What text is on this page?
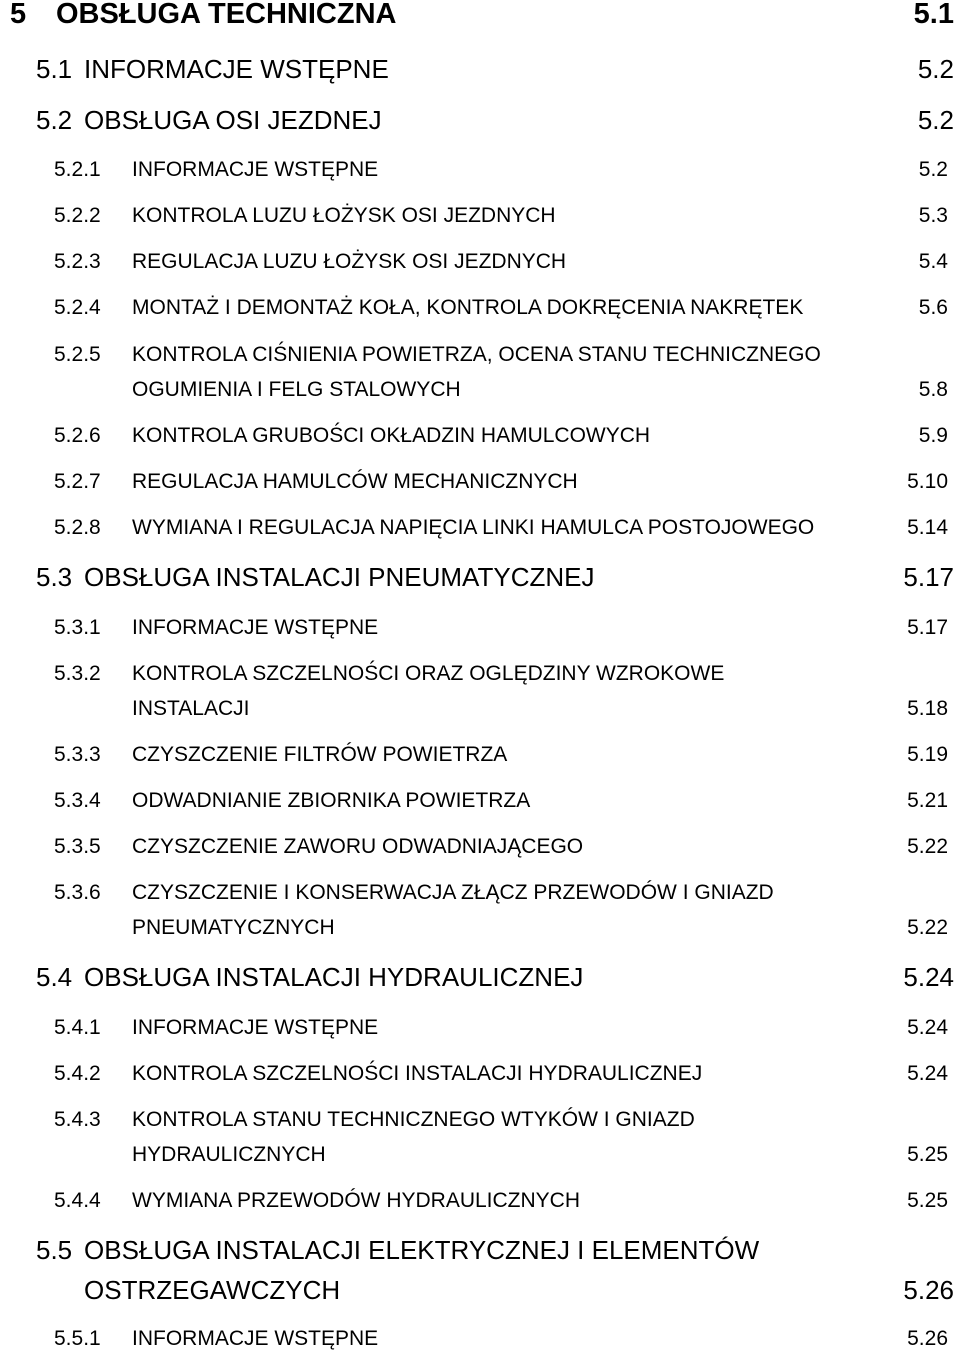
5 OBSŁUGA TECHNICZNA	5.1
5.1 INFORMACJE WSTĘPNE	5.2
5.2 OBSŁUGA OSI JEZDNEJ	5.2
5.2.1 INFORMACJE WSTĘPNE	5.2
5.2.2 KONTROLA LUZU ŁOŻYSK OSI JEZDNYCH	5.3
5.2.3 REGULACJA LUZU ŁOŻYSK OSI JEZDNYCH	5.4
5.2.4 MONTAŻ I DEMONTAŻ KOŁA, KONTROLA DOKRĘCENIA NAKRĘTEK	5.6
5.2.5 KONTROLA CIŚNIENIA POWIETRZA, OCENA STANU TECHNICZNEGO
OGUMIENIA I FELG STALOWYCH	5.8
5.2.6 KONTROLA GRUBOŚCI OKŁADZIN HAMULCOWYCH	5.9
5.2.7 REGULACJA HAMULCÓW MECHANICZNYCH	5.10
5.2.8 WYMIANA I REGULACJA NAPIĘCIA LINKI HAMULCA POSTOJOWEGO	5.14
5.3 OBSŁUGA INSTALACJI PNEUMATYCZNEJ	5.17
5.3.1 INFORMACJE WSTĘPNE	5.17
5.3.2 KONTROLA SZCZELNOŚCI ORAZ OGLĘDZINY WZROKOWE
INSTALACJI	5.18
5.3.3 CZYSZCZENIE FILTRÓW POWIETRZA	5.19
5.3.4 ODWADNIANIE ZBIORNIKA POWIETRZA	5.21
5.3.5 CZYSZCZENIE ZAWORU ODWADNIAJĄCEGO	5.22
5.3.6 CZYSZCZENIE I KONSERWACJA ZŁĄCZ PRZEWODÓW I GNIAZD
PNEUMATYCZNYCH	5.22
5.4 OBSŁUGA INSTALACJI HYDRAULICZNEJ	5.24
5.4.1 INFORMACJE WSTĘPNE	5.24
5.4.2 KONTROLA SZCZELNOŚCI INSTALACJI HYDRAULICZNEJ	5.24
5.4.3 KONTROLA STANU TECHNICZNEGO WTYKÓW I GNIAZD
HYDRAULICZNYCH	5.25
5.4.4 WYMIANA PRZEWODÓW HYDRAULICZNYCH	5.25
5.5 OBSŁUGA INSTALACJI ELEKTRYCZNEJ I ELEMENTÓW
OSTRZEGAWCZYCH	5.26
5.5.1 INFORMACJE WSTĘPNE	5.26
